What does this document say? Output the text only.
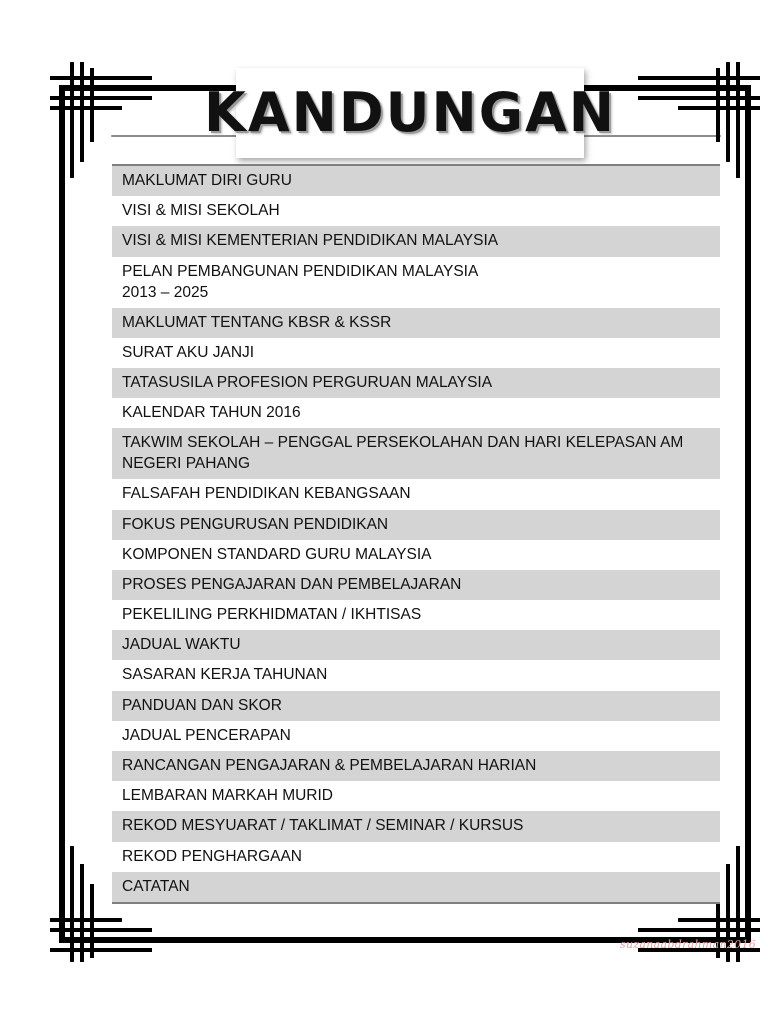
KANDUNGAN
MAKLUMAT DIRI GURU
VISI & MISI SEKOLAH
VISI & MISI KEMENTERIAN PENDIDIKAN MALAYSIA
PELAN PEMBANGUNAN PENDIDIKAN MALAYSIA 2013 – 2025
MAKLUMAT TENTANG KBSR & KSSR
SURAT AKU JANJI
TATASUSILA PROFESION PERGURUAN MALAYSIA
KALENDAR TAHUN 2016
TAKWIM SEKOLAH – PENGGAL PERSEKOLAHAN DAN HARI KELEPASAN AM NEGERI PAHANG
FALSAFAH PENDIDIKAN KEBANGSAAN
FOKUS PENGURUSAN PENDIDIKAN
KOMPONEN STANDARD GURU MALAYSIA
PROSES PENGAJARAN DAN PEMBELAJARAN
PEKELILING PERKHIDMATAN / IKHTISAS
JADUAL WAKTU
SASARAN KERJA TAHUNAN
PANDUAN DAN SKOR
JADUAL PENCERAPAN
RANCANGAN PENGAJARAN & PEMBELAJARAN HARIAN
LEMBARAN MARKAH MURID
REKOD MESYUARAT / TAKLIMAT / SEMINAR / KURSUS
REKOD PENGHARGAAN
CATATAN
suzanaabdrahman2016
